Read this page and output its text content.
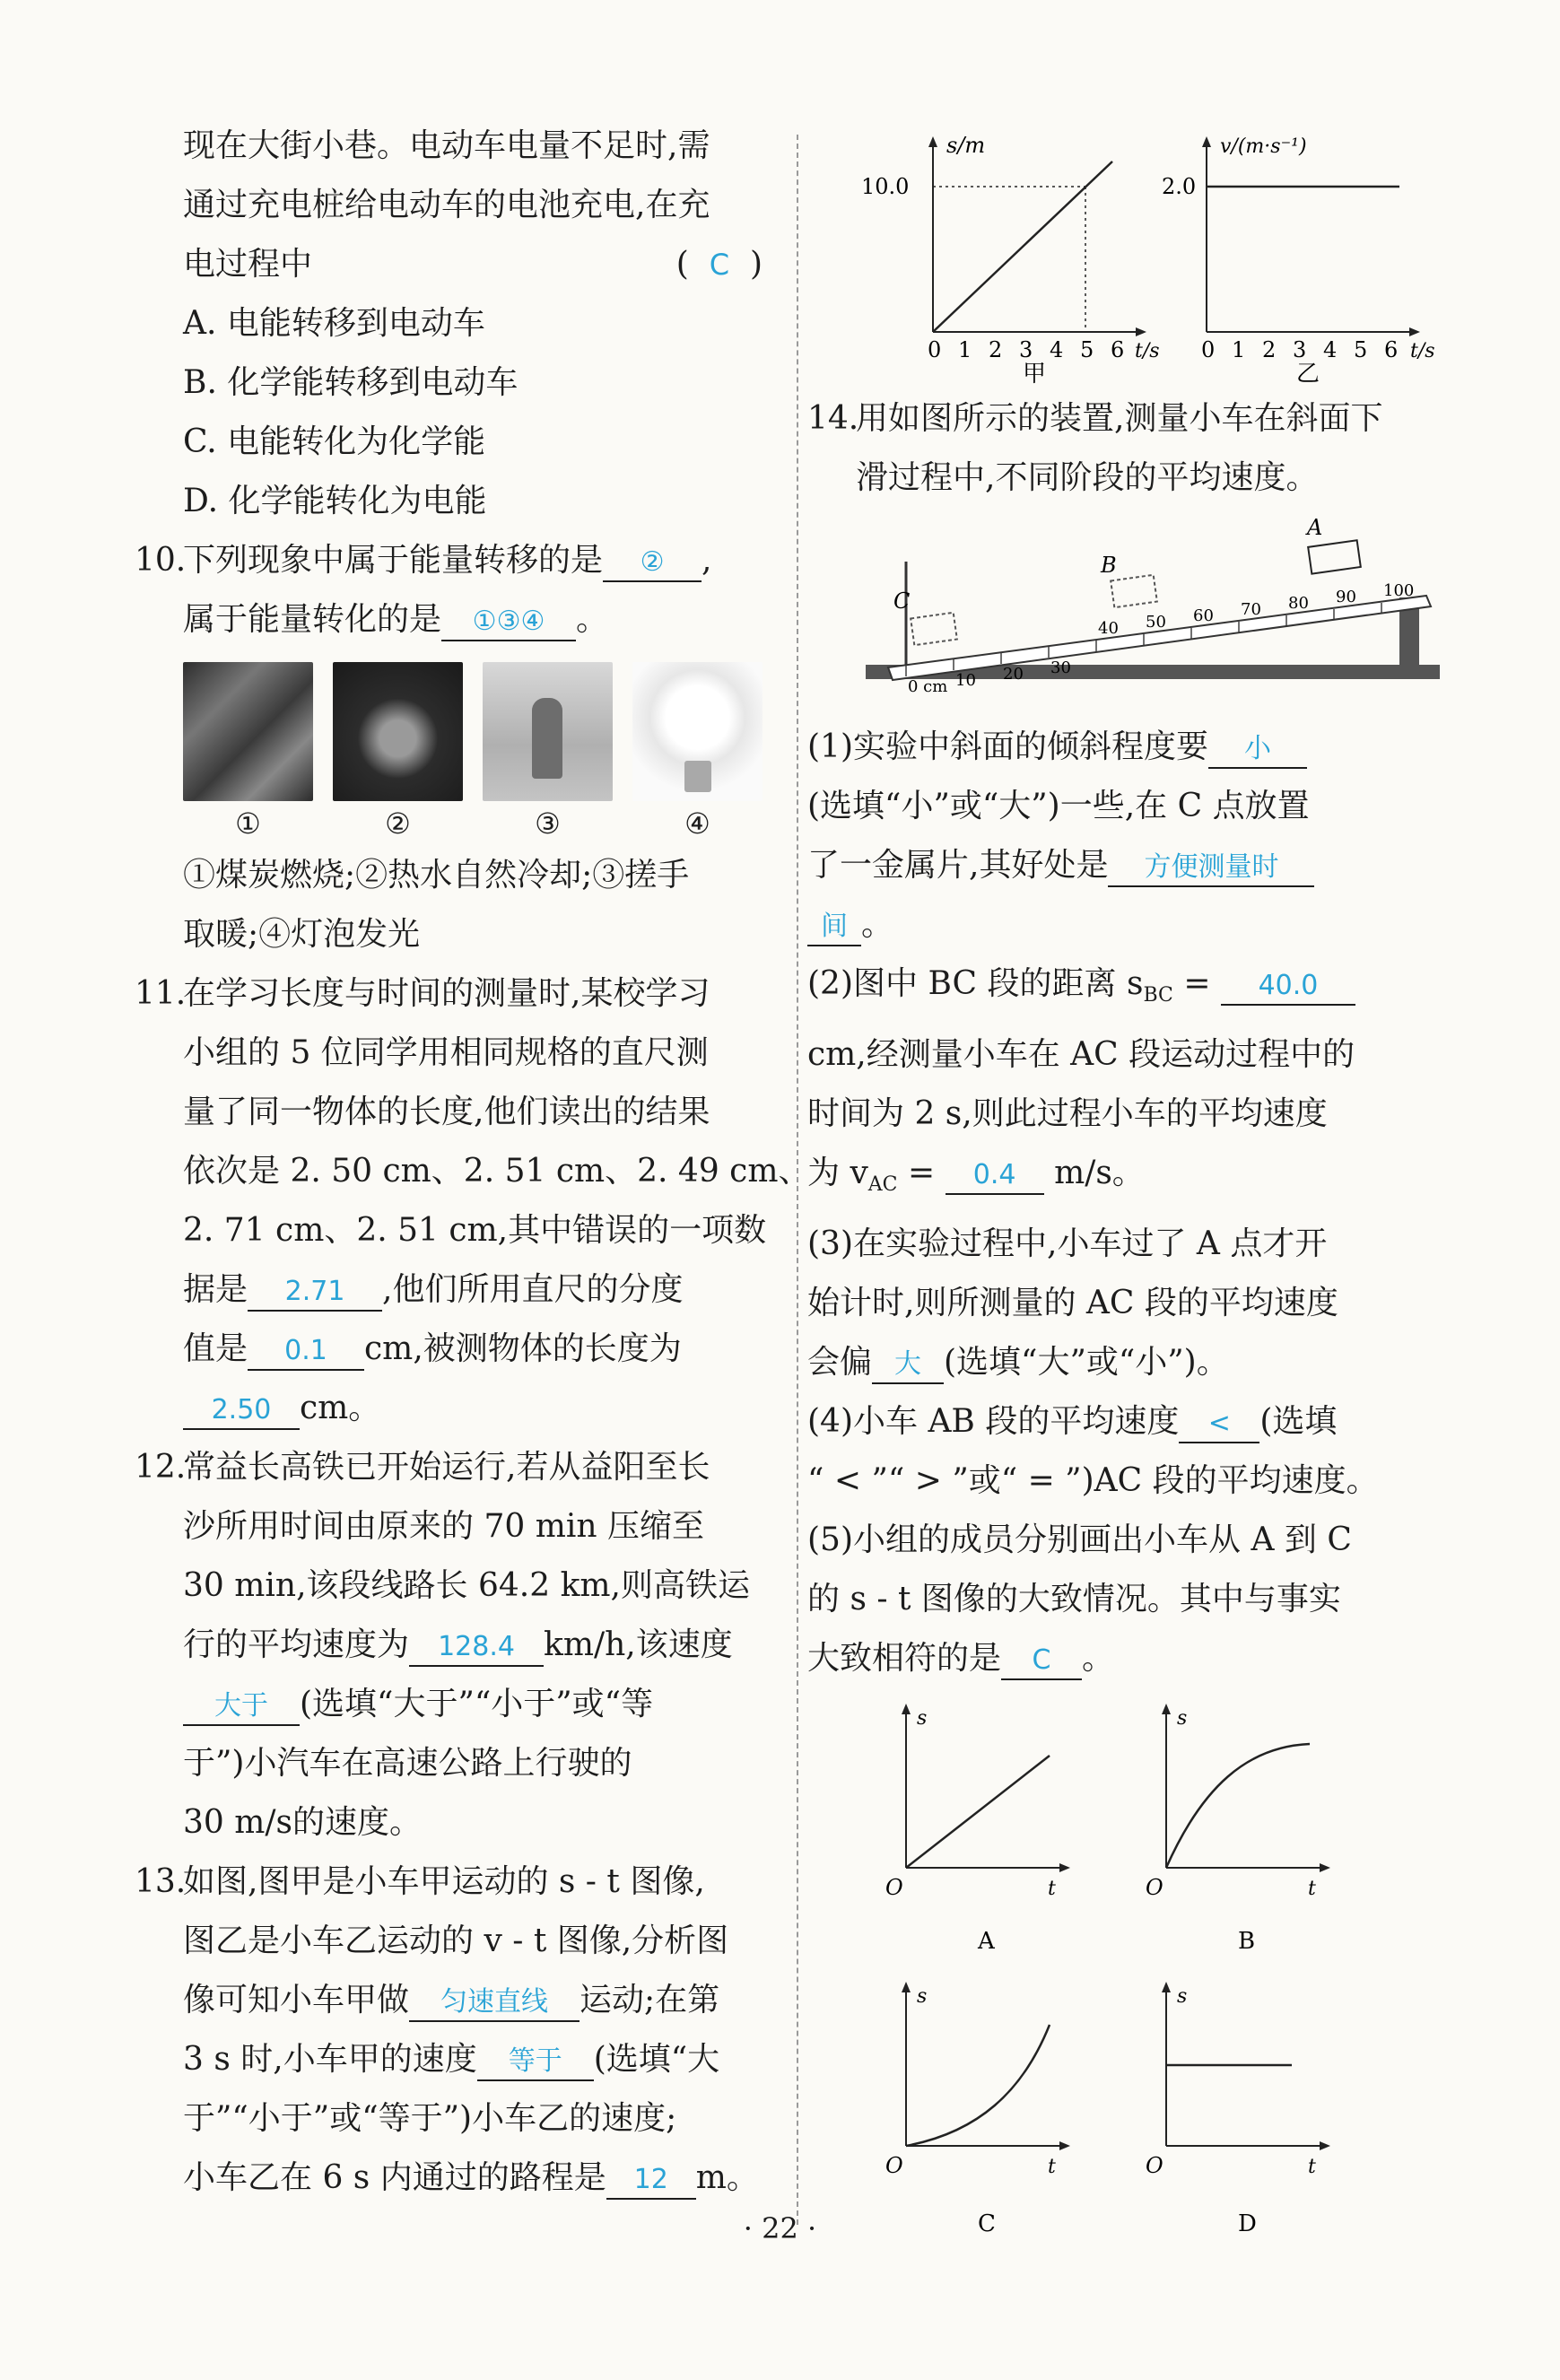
现在大街小巷。电动车电量不足时,需
通过充电桩给电动车的电池充电,在充
电过程中	( C )
A. 电能转移到电动车
B. 化学能转移到电动车
C. 电能转化为化学能
D. 化学能转化为电能
10.下列现象中属于能量转移的是 ② ,
属于能量转化的是 ①③④ 。
①	②	③	④
①煤炭燃烧;②热水自然冷却;③搓手
取暖;④灯泡发光
11.在学习长度与时间的测量时,某校学习
小组的 5 位同学用相同规格的直尺测
量了同一物体的长度,他们读出的结果
依次是 2. 50 cm、2. 51 cm、2. 49 cm、
2. 71 cm、2. 51 cm,其中错误的一项数
据是 2.71 ,他们所用直尺的分度
值是 0.1 cm,被测物体的长度为
2.50 cm。
12.常益长高铁已开始运行,若从益阳至长
沙所用时间由原来的 70 min 压缩至
30 min,该段线路长 64.2 km,则高铁运
行的平均速度为 128.4 km/h,该速度
大于 (选填“大于”“小于”或“等
于”)小汽车在高速公路上行驶的
30 m/s的速度。
13.如图,图甲是小车甲运动的 s - t 图像,
图乙是小车乙运动的 v - t 图像,分析图
像可知小车甲做 匀速直线 运动;在第
3 s 时,小车甲的速度 等于 (选填“大
于”“小于”或“等于”)小车乙的速度;
小车乙在 6 s 内通过的路程是 12 m。
s/m
10.0
0 1 2 3 4 5 6 t/s
甲
v/(m·s⁻¹)
2.0
0 1 2 3 4 5 6 t/s
乙
14.用如图所示的装置,测量小车在斜面下
滑过程中,不同阶段的平均速度。
0 cm 10 20 30
40 50 60 70 80 90 100
A
B
C
(1)实验中斜面的倾斜程度要 小
(选填“小”或“大”)一些,在 C 点放置
了一金属片,其好处是 方便测量时
间 。
(2)图中 BC 段的距离 $s_{BC} = 40.0$
cm,经测量小车在 AC 段运动过程中的
时间为 2 s,则此过程小车的平均速度
为 $v_{AC} = 0.4$ m/s。
(3)在实验过程中,小车过了 A 点才开
始计时,则所测量的 AC 段的平均速度
会偏 大 (选填“大”或“小”)。
(4)小车 AB 段的平均速度 < (选填
“ < ”“ > ”或“ = ”)AC 段的平均速度。
(5)小组的成员分别画出小车从 A 到 C
的 s - t 图像的大致情况。其中与事实
大致相符的是 C 。
s
O	t
A
s
O	t
B
s
O	t
C
s
O	t
D
· 22 ·
